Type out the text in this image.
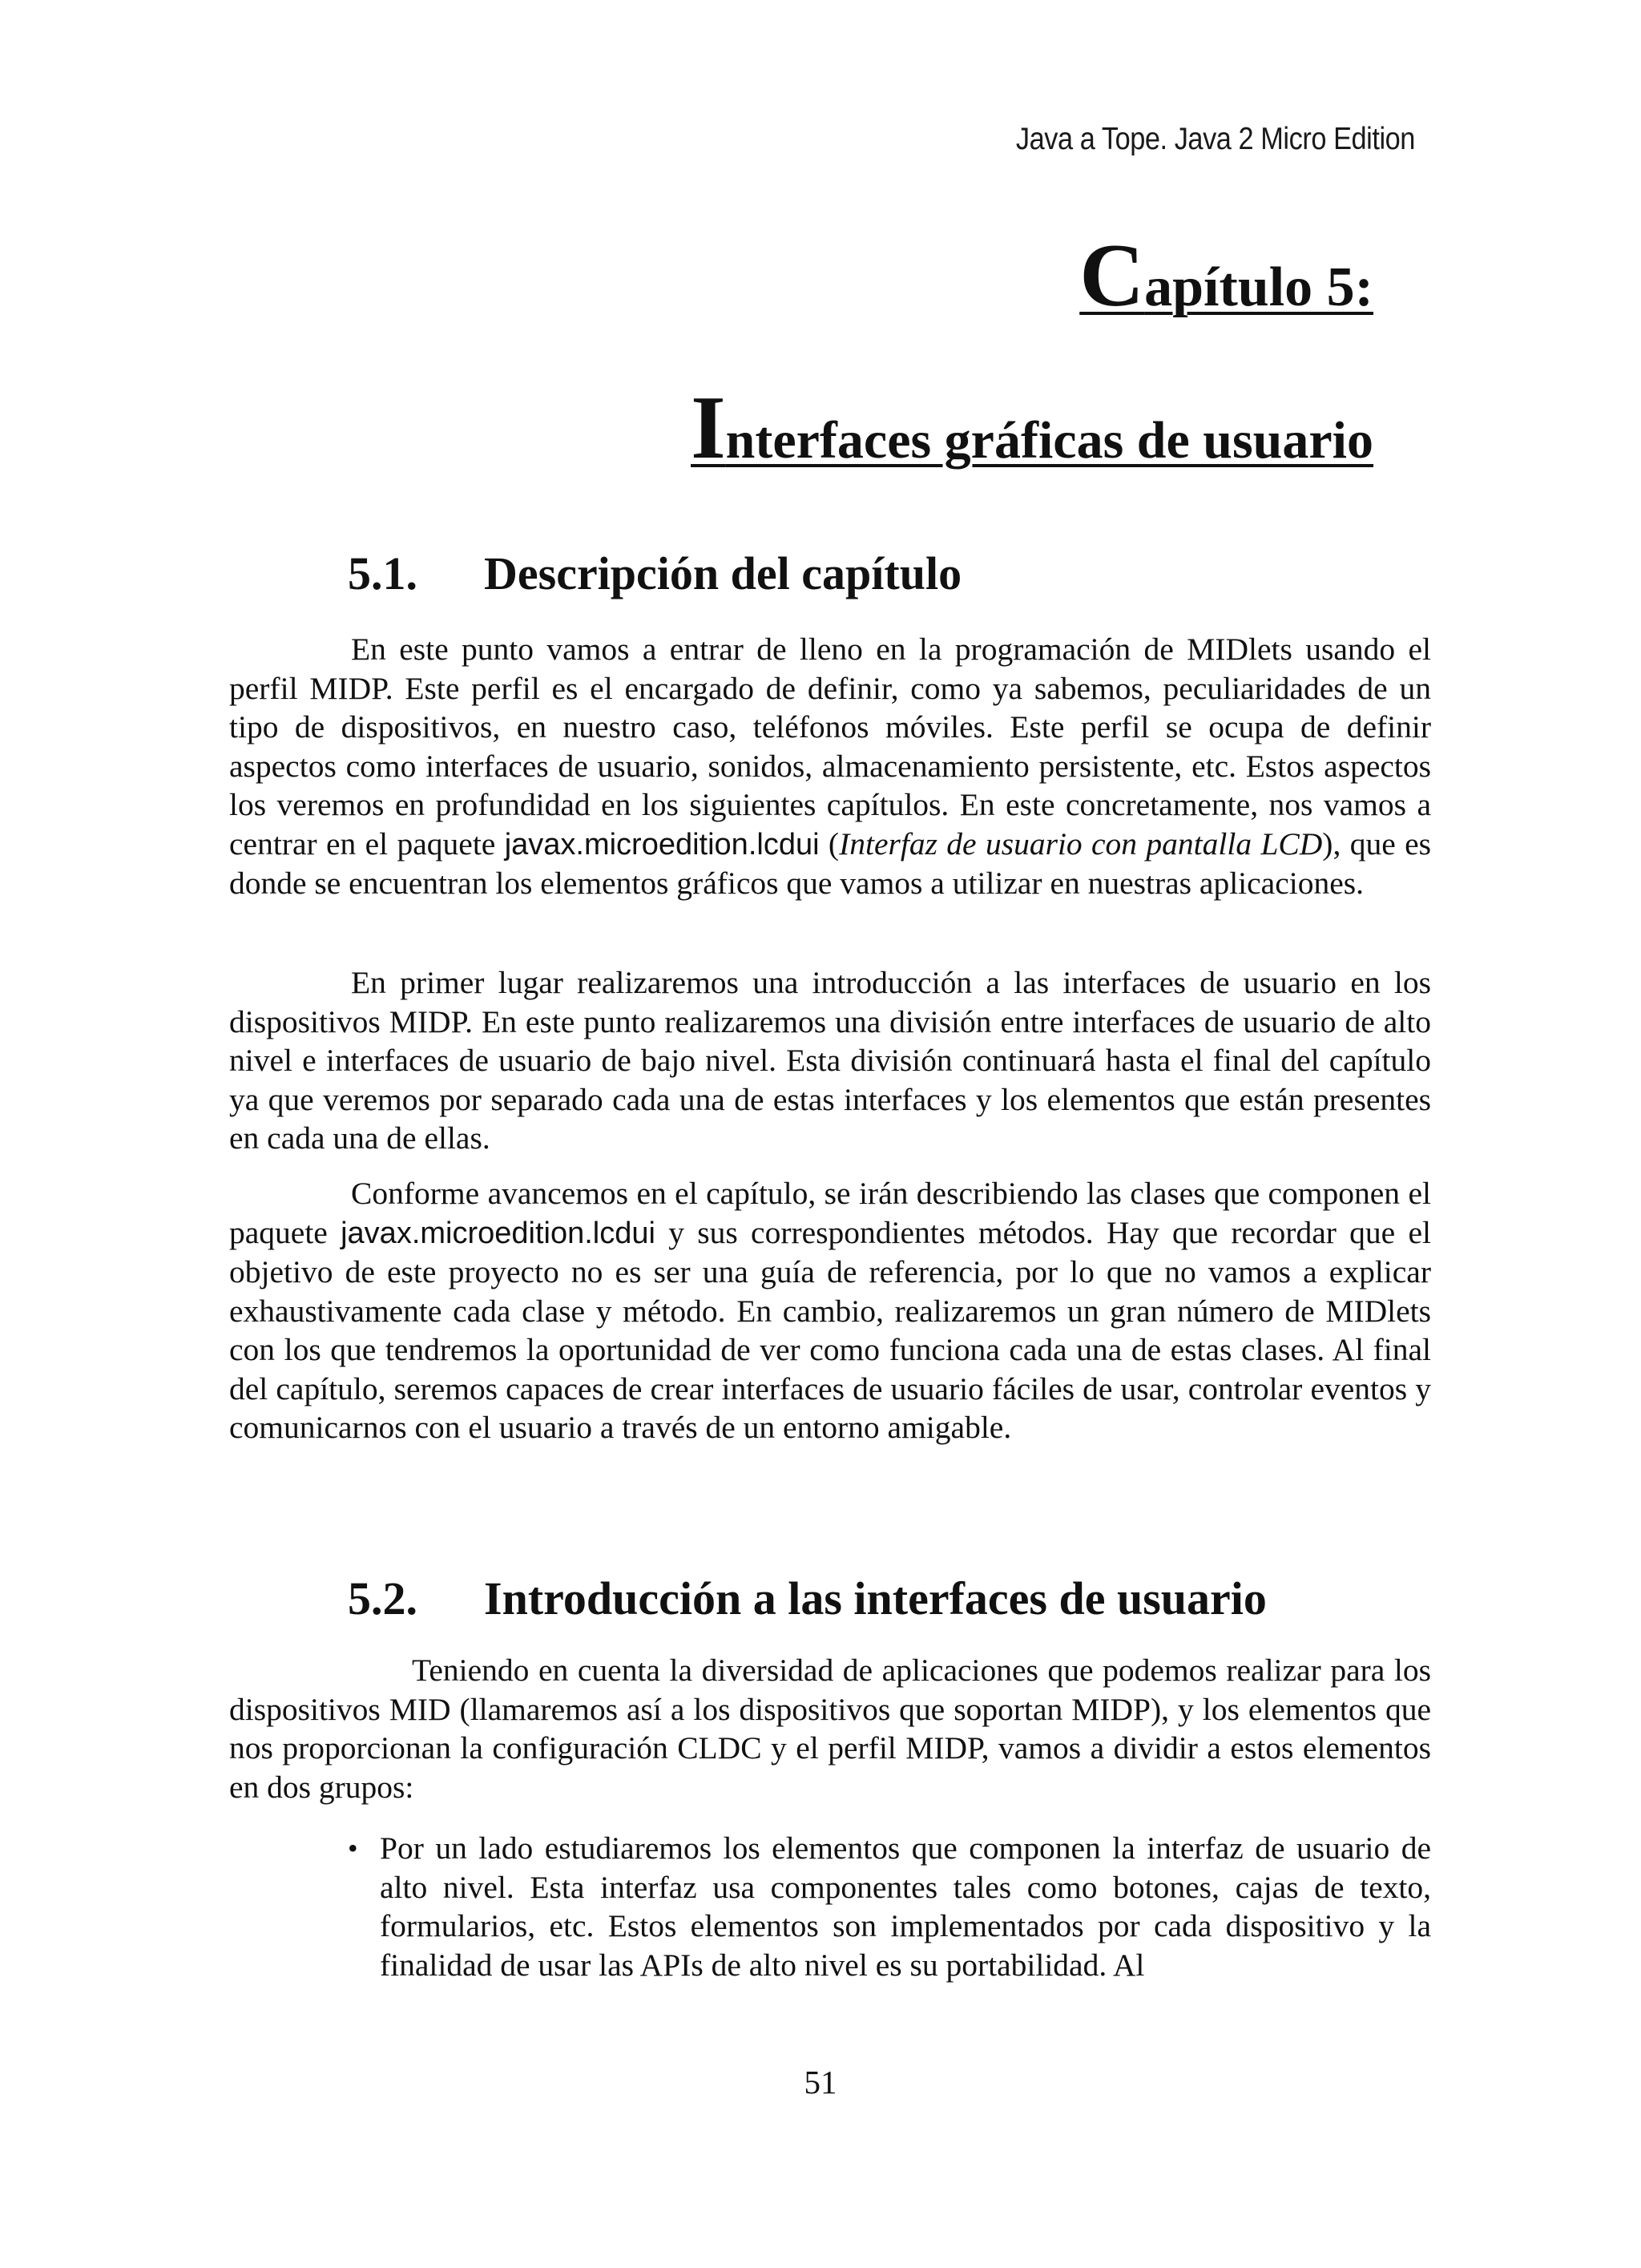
Java a Tope. Java 2 Micro Edition
Capítulo 5:
Interfaces gráficas de usuario
5.1. Descripción del capítulo

En este punto vamos a entrar de lleno en la programación de MIDlets usando el perfil MIDP. Este perfil es el encargado de definir, como ya sabemos, peculiaridades de un tipo de dispositivos, en nuestro caso, teléfonos móviles. Este perfil se ocupa de definir aspectos como interfaces de usuario, sonidos, almacenamiento persistente, etc. Estos aspectos los veremos en profundidad en los siguientes capítulos. En este concretamente, nos vamos a centrar en el paquete javax.microedition.lcdui (Interfaz de usuario con pantalla LCD), que es donde se encuentran los elementos gráficos que vamos a utilizar en nuestras aplicaciones.

En primer lugar realizaremos una introducción a las interfaces de usuario en los dispositivos MIDP. En este punto realizaremos una división entre interfaces de usuario de alto nivel e interfaces de usuario de bajo nivel. Esta división continuará hasta el final del capítulo ya que veremos por separado cada una de estas interfaces y los elementos que están presentes en cada una de ellas.

Conforme avancemos en el capítulo, se irán describiendo las clases que componen el paquete javax.microedition.lcdui y sus correspondientes métodos. Hay que recordar que el objetivo de este proyecto no es ser una guía de referencia, por lo que no vamos a explicar exhaustivamente cada clase y método. En cambio, realizaremos un gran número de MIDlets con los que tendremos la oportunidad de ver como funciona cada una de estas clases. Al final del capítulo, seremos capaces de crear interfaces de usuario fáciles de usar, controlar eventos y comunicarnos con el usuario a través de un entorno amigable.

5.2. Introducción a las interfaces de usuario

Teniendo en cuenta la diversidad de aplicaciones que podemos realizar para los dispositivos MID (llamaremos así a los dispositivos que soportan MIDP), y los elementos que nos proporcionan la configuración CLDC y el perfil MIDP, vamos a dividir a estos elementos en dos grupos:

• Por un lado estudiaremos los elementos que componen la interfaz de usuario de alto nivel. Esta interfaz usa componentes tales como botones, cajas de texto, formularios, etc. Estos elementos son implementados por cada dispositivo y la finalidad de usar las APIs de alto nivel es su portabilidad. Al
51
